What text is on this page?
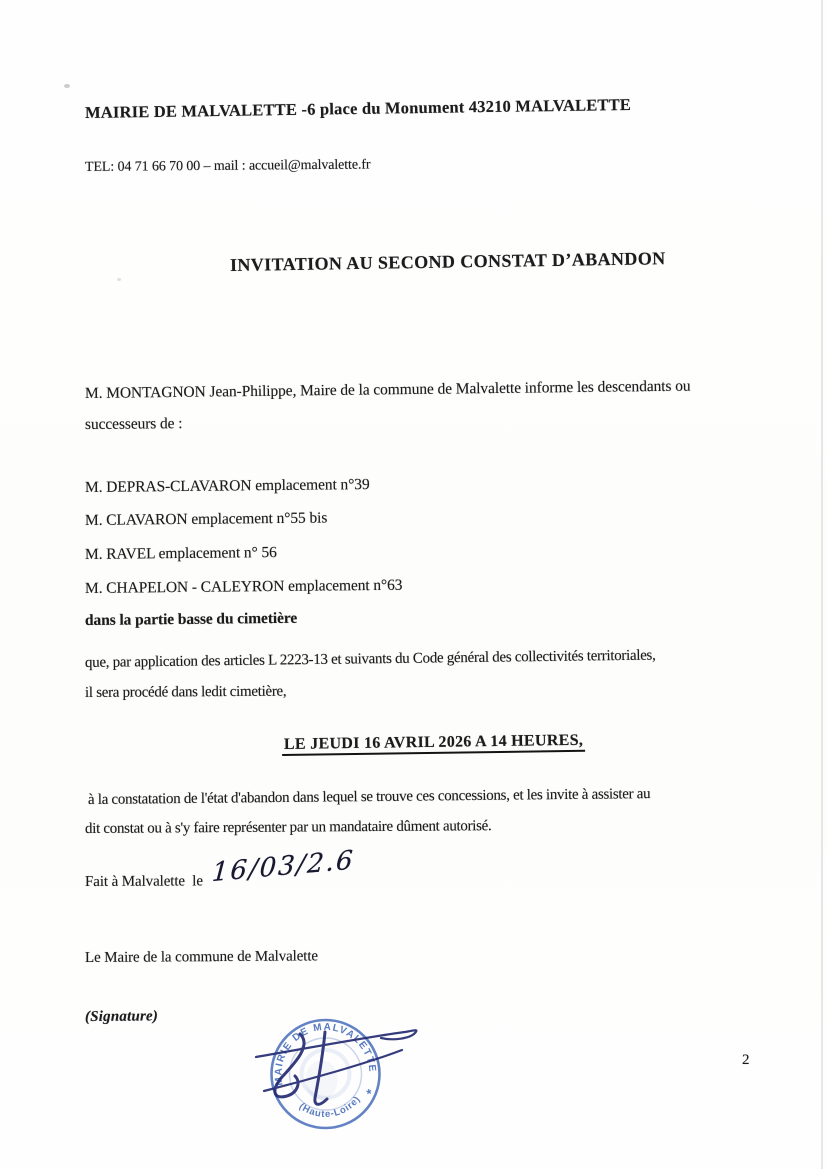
MAIRIE DE MALVALETTE -6 place du Monument 43210 MALVALETTE
TEL: 04 71 66 70 00 – mail : accueil@malvalette.fr
INVITATION AU SECOND CONSTAT D’ABANDON
M. MONTAGNON Jean-Philippe, Maire de la commune de Malvalette informe les descendants ou
successeurs de :
M. DEPRAS-CLAVARON emplacement n°39
M. CLAVARON emplacement n°55 bis
M. RAVEL emplacement n° 56
M. CHAPELON - CALEYRON emplacement n°63
dans la partie basse du cimetière
que, par application des articles L 2223-13 et suivants du Code général des collectivités territoriales,
il sera procédé dans ledit cimetière,
LE JEUDI 16 AVRIL 2026 A 14 HEURES,
à la constatation de l'état d'abandon dans lequel se trouve ces concessions, et les invite à assister au
dit constat ou à s'y faire représenter par un mandataire dûment autorisé.
Fait à Malvalette  le 16/03/2.6
Le Maire de la commune de Malvalette
(Signature)
MAIRIE DE MALVALETTE
(Haute-Loire) *
2
